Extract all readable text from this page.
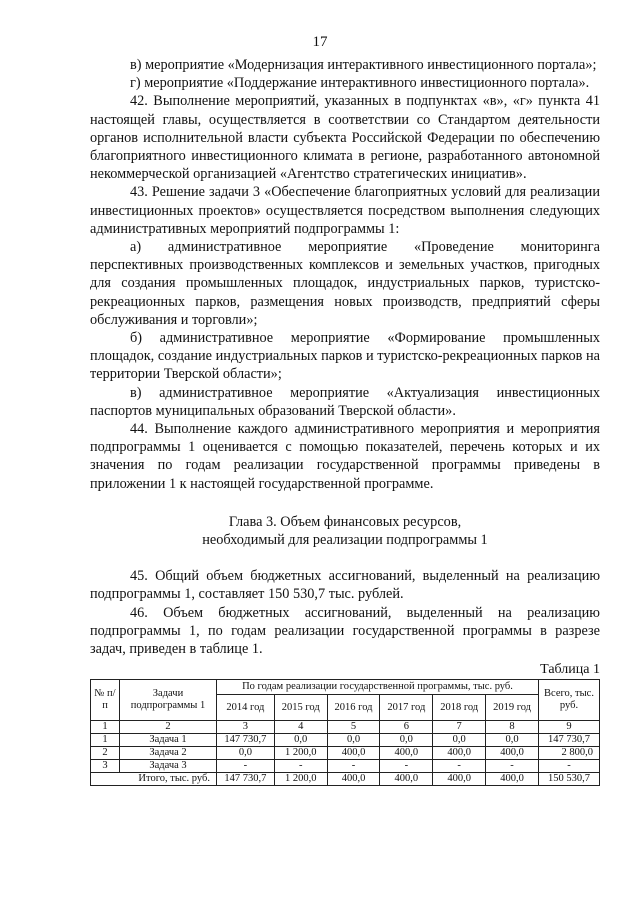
17

в) мероприятие «Модернизация интерактивного инвестиционного портала»;

г) мероприятие «Поддержание интерактивного инвестиционного портала».

42. Выполнение мероприятий, указанных в подпунктах «в», «г» пункта 41 настоящей главы, осуществляется в соответствии со Стандартом деятельности органов исполнительной власти субъекта Российской Федерации по обеспечению благоприятного инвестиционного климата в регионе, разработанного автономной некоммерческой организацией «Агентство стратегических инициатив».

43. Решение задачи 3 «Обеспечение благоприятных условий для реализации инвестиционных проектов» осуществляется посредством выполнения следующих административных мероприятий подпрограммы 1:

а) административное мероприятие «Проведение мониторинга перспективных производственных комплексов и земельных участков, пригодных для создания промышленных площадок, индустриальных парков, туристско-рекреационных парков, размещения новых производств, предприятий сферы обслуживания и торговли»;

б) административное мероприятие «Формирование промышленных площадок, создание индустриальных парков и туристско-рекреационных парков на территории Тверской области»;

в) административное мероприятие «Актуализация инвестиционных паспортов муниципальных образований Тверской области».

44. Выполнение каждого административного мероприятия и мероприятия подпрограммы 1 оценивается с помощью показателей, перечень которых и их значения по годам реализации государственной программы приведены в приложении 1 к настоящей государственной программе.

Глава 3. Объем финансовых ресурсов,
необходимый для реализации подпрограммы 1

45. Общий объем бюджетных ассигнований, выделенный на реализацию подпрограммы 1, составляет 150 530,7 тыс. рублей.

46. Объем бюджетных ассигнований, выделенный на реализацию подпрограммы 1, по годам реализации государственной программы в разрезе задач, приведен в таблице 1.

Таблица 1
№ п/п	Задачи подпрограммы 1	По годам реализации государственной программы, тыс. руб.						Всего, тыс. руб.
		2014 год	2015 год	2016 год	2017 год	2018 год	2019 год	
1	2	3	4	5	6	7	8	9
1	Задача 1	147 730,7	0,0	0,0	0,0	0,0	0,0	147 730,7
2	Задача 2	0,0	1 200,0	400,0	400,0	400,0	400,0	2 800,0
3	Задача 3	-	-	-	-	-	-	-
Итого, тыс. руб.		147 730,7	1 200,0	400,0	400,0	400,0	400,0	150 530,7
